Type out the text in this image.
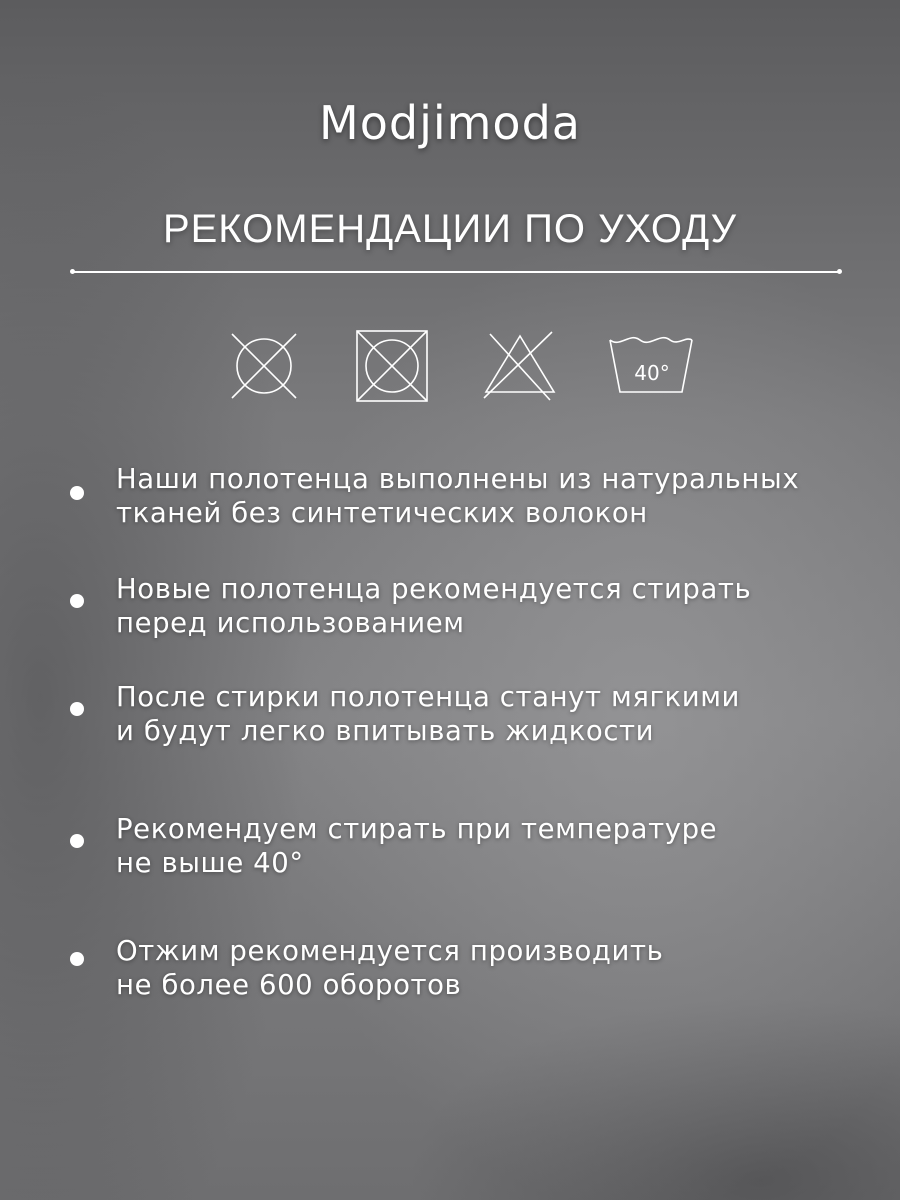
Modjimoda
РЕКОМЕНДАЦИИ ПО УХОДУ
40°
Наши полотенца выполнены из натуральных
тканей без синтетических волокон
Новые полотенца рекомендуется стирать
перед использованием
После стирки полотенца станут мягкими
и будут легко впитывать жидкости
Рекомендуем стирать при температуре
не выше 40°
Отжим рекомендуется производить
не более 600 оборотов
